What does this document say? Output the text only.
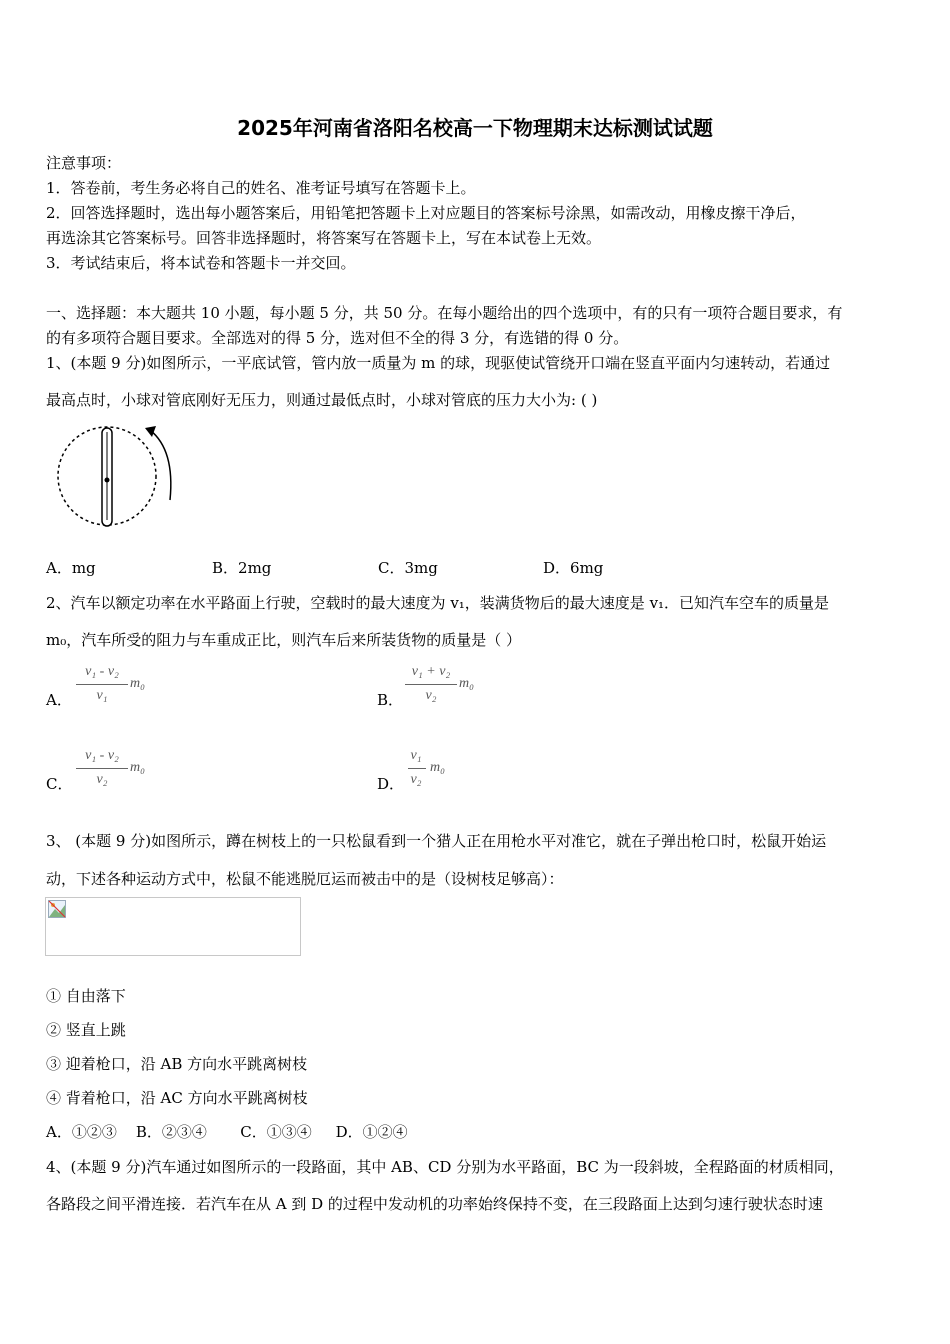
2025年河南省洛阳名校高一下物理期末达标测试试题
注意事项：
1．答卷前，考生务必将自己的姓名、准考证号填写在答题卡上。
2．回答选择题时，选出每小题答案后，用铅笔把答题卡上对应题目的答案标号涂黑，如需改动，用橡皮擦干净后，
再选涂其它答案标号。回答非选择题时，将答案写在答题卡上，写在本试卷上无效。
3．考试结束后，将本试卷和答题卡一并交回。
一、选择题：本大题共 10 小题，每小题 5 分，共 50 分。在每小题给出的四个选项中，有的只有一项符合题目要求，有
的有多项符合题目要求。全部选对的得 5 分，选对但不全的得 3 分，有选错的得 0 分。
1、(本题 9 分)如图所示，一平底试管，管内放一质量为 m 的球，现驱使试管绕开口端在竖直平面内匀速转动，若通过
最高点时，小球对管底刚好无压力，则通过最低点时，小球对管底的压力大小为: ( )
A．mg	B．2mg	C．3mg	D．6mg
2、汽车以额定功率在水平路面上行驶，空载时的最大速度为 v₁，装满货物后的最大速度是 v₁．已知汽车空车的质量是
m₀，汽车所受的阻力与车重成正比，则汽车后来所装货物的质量是（ ）
A．
v₁ - v₂
v₁
m₀
B．
v₁ + v₂
v₂
m₀
C．
v₁ - v₂
v₂
m₀
D．
v₁
v₂
m₀
3、 (本题 9 分)如图所示，蹲在树枝上的一只松鼠看到一个猎人正在用枪水平对准它，就在子弹出枪口时，松鼠开始运
动，下述各种运动方式中，松鼠不能逃脱厄运而被击中的是（设树枝足够高）：
① 自由落下
② 竖直上跳
③ 迎着枪口，沿 AB 方向水平跳离树枝
④ 背着枪口，沿 AC 方向水平跳离树枝
A．①②③    B．②③④       C．①③④     D．①②④
4、(本题 9 分)汽车通过如图所示的一段路面，其中 AB、CD 分别为水平路面，BC 为一段斜坡，全程路面的材质相同，
各路段之间平滑连接．若汽车在从 A 到 D 的过程中发动机的功率始终保持不变，在三段路面上达到匀速行驶状态时速
